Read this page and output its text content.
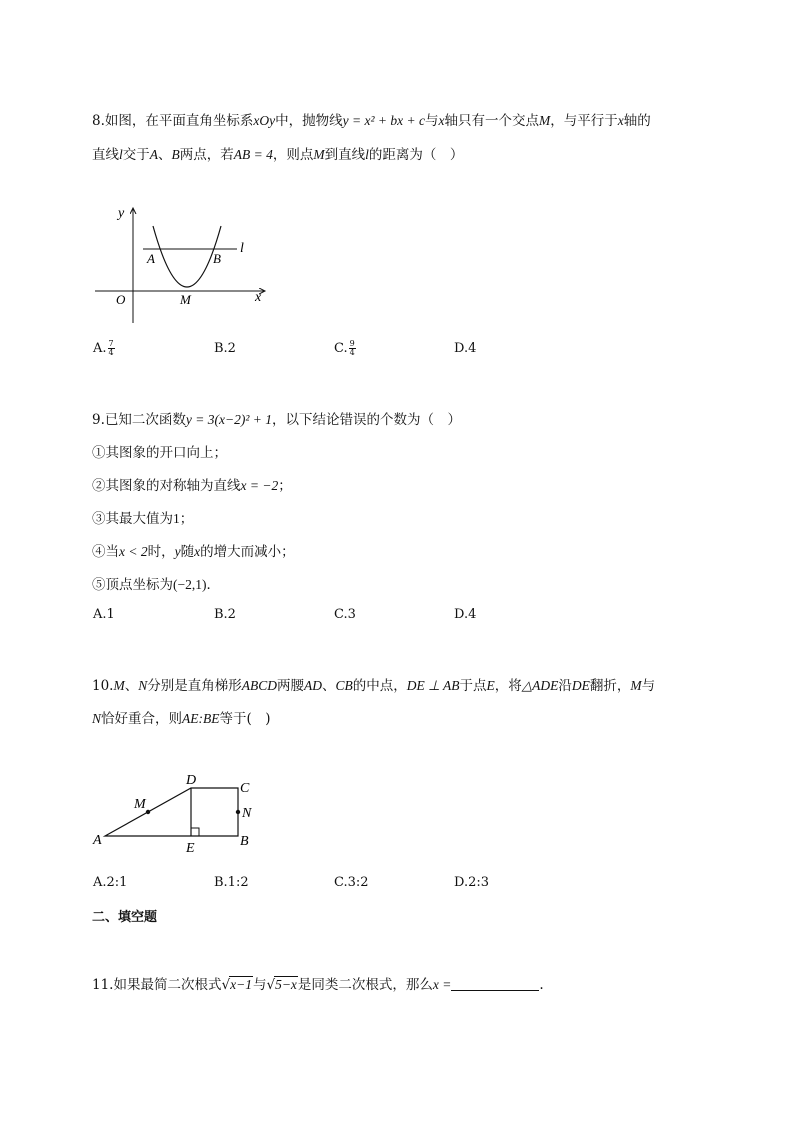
8.如图，在平面直角坐标系xOy中，抛物线y = x² + bx + c与x轴只有一个交点M，与平行于x轴的
直线l交于A、B两点，若AB = 4，则点M到直线l的距离为（　）
y
l
A	B
O	M	x
A. $\frac{7}{4}$	B.2	C. $\frac{9}{4}$	D.4
9.已知二次函数y = 3(x−2)² + 1，以下结论错误的个数为（　）
①其图象的开口向上；
②其图象的对称轴为直线x = −2；
③其最大值为1；
④当x < 2时，y随x的增大而减小；
⑤顶点坐标为(−2,1)．
A.1	B.2	C.3	D.4
10.M、N分别是直角梯形ABCD两腰AD、CB的中点，DE ⊥ AB于点E，将△ADE沿DE翻折，M与
N恰好重合，则AE:BE等于(　)
D
C
M
N
A
E	B
A.2:1	B.1:2	C.3:2	D.2:3
二、填空题
11.如果最简二次根式√x−1与√5−x是同类二次根式，那么x =	.
